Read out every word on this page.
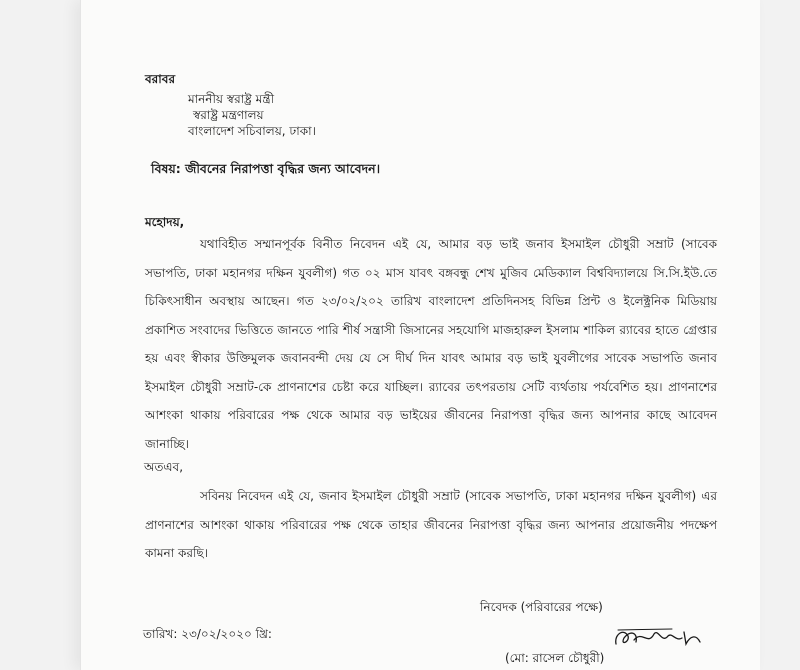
বরাবর
মাননীয় স্বরাষ্ট্র মন্ত্রী
স্বরাষ্ট্র মন্ত্রণালয়
বাংলাদেশ সচিবালয়, ঢাকা।
বিষয়: জীবনের নিরাপত্তা বৃদ্ধির জন্য আবেদন।
মহোদয়,
যথাবিহীত সম্মানপূর্বক বিনীত নিবেদন এই যে, আমার বড় ভাই জনাব ইসমাইল চৌধুরী সম্রাট (সাবেক সভাপতি, ঢাকা মহানগর দক্ষিন যুবলীগ) গত ০২ মাস যাবৎ বঙ্গবন্ধু শেখ মুজিব মেডিক্যাল বিশ্ববিদ্যালয়ে সি.সি.ইউ.তে চিকিৎসাধীন অবস্থায় আছেন। গত ২৩/০২/২০২ তারিখ বাংলাদেশ প্রতিদিনসহ বিভিন্ন প্রিন্ট ও ইলেক্ট্রনিক মিডিয়ায় প্রকাশিত সংবাদের ভিত্তিতে জানতে পারি শীর্ষ সন্ত্রাসী জিসানের সহযোগি মাজহারুল ইসলাম শাকিল র‍্যাবের হাতে গ্রেপ্তার হয় এবং স্বীকার উক্তিমুলক জবানবন্দী দেয় যে সে দীর্ঘ দিন যাবৎ আমার বড় ভাই যুবলীগের সাবেক সভাপতি জনাব ইসমাইল চৌধুরী সম্রাট-কে প্রাণনাশের চেষ্টা করে যাচ্ছিল। র‍্যাবের তৎপরতায় সেটি ব্যর্থতায় পর্যবেশিত হয়। প্রাণনাশের আশংকা থাকায় পরিবারের পক্ষ থেকে আমার বড় ভাইয়ের জীবনের নিরাপত্তা বৃদ্ধির জন্য আপনার কাছে আবেদন জানাচ্ছি।
অতএব,
সবিনয় নিবেদন এই যে, জনাব ইসমাইল চৌধুরী সম্রাট (সাবেক সভাপতি, ঢাকা মহানগর দক্ষিন যুবলীগ) এর প্রাণনাশের আশংকা থাকায় পরিবারের পক্ষ থেকে তাহার জীবনের নিরাপত্তা বৃদ্ধির জন্য আপনার প্রয়োজনীয় পদক্ষেপ কামনা করছি।
নিবেদক (পরিবারের পক্ষে)
তারিখ: ২৩/০২/২০২০ খ্রি:
(মো: রাসেল চৌধুরী)
